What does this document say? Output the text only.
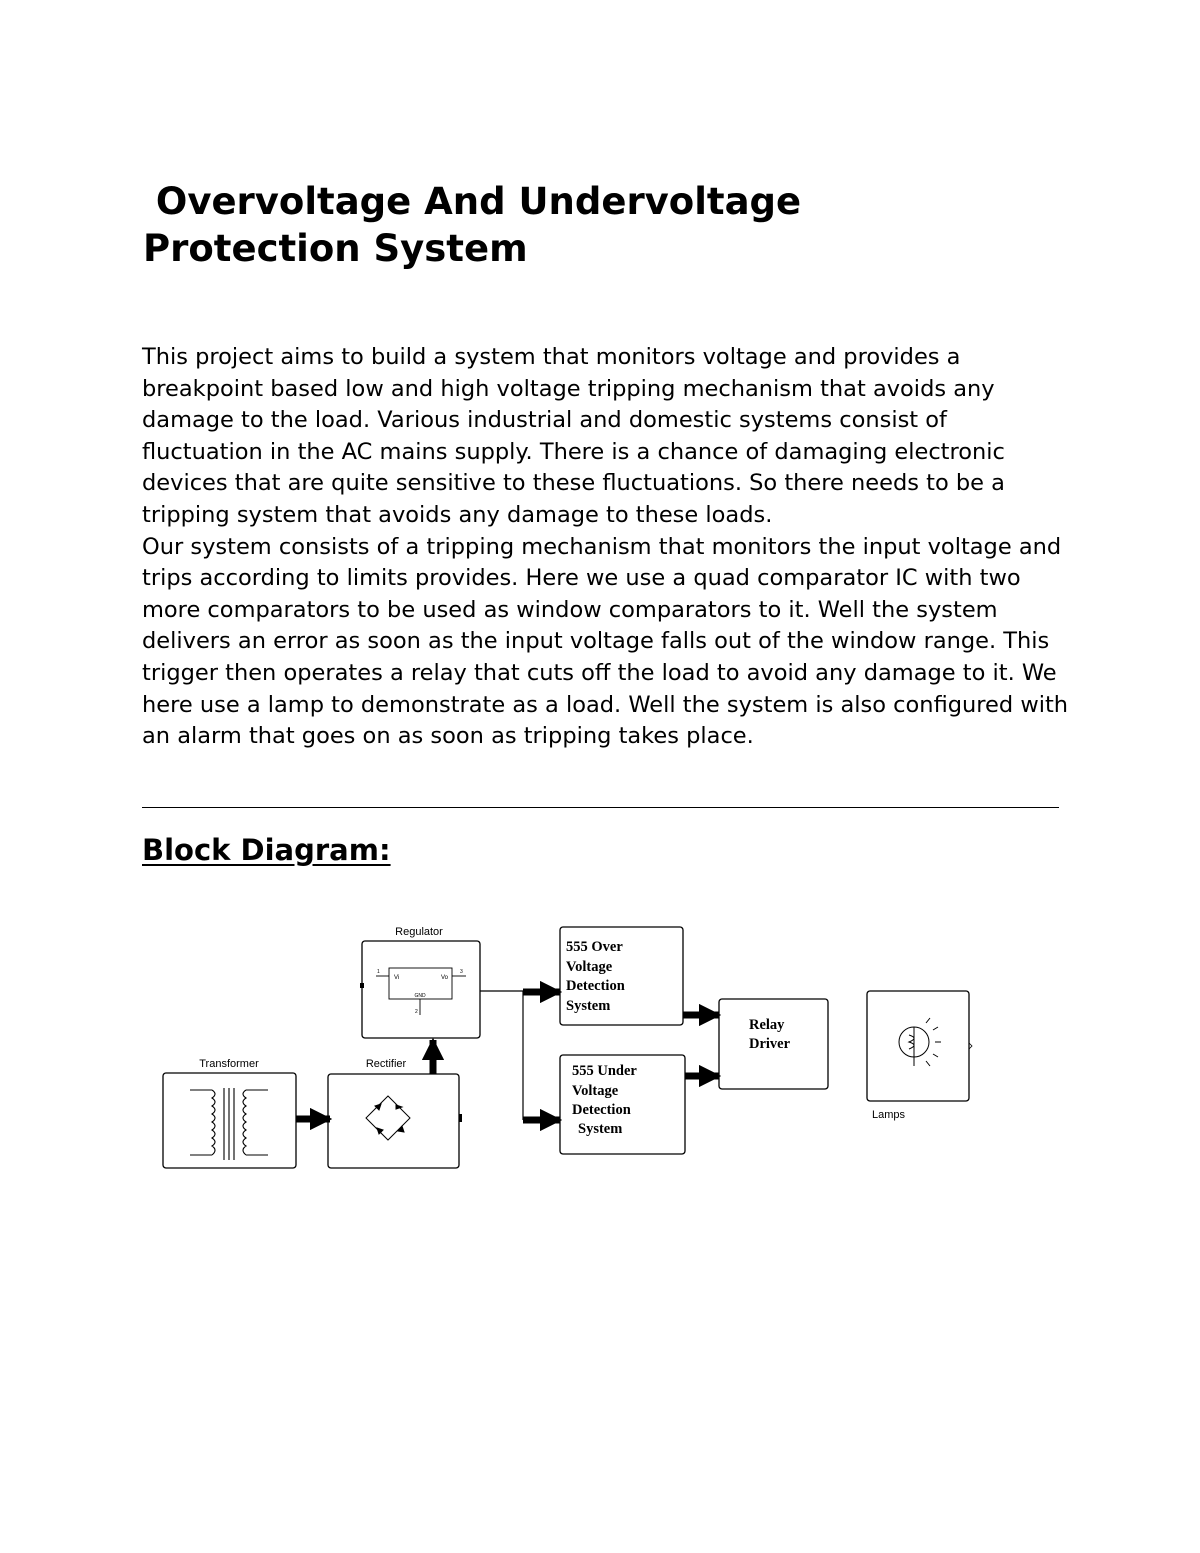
Overvoltage And Undervoltage
Protection System

This project aims to build a system that monitors voltage and provides a breakpoint based low and high voltage tripping mechanism that avoids any damage to the load. Various industrial and domestic systems consist of fluctuation in the AC mains supply. There is a chance of damaging electronic devices that are quite sensitive to these fluctuations. So there needs to be a tripping system that avoids any damage to these loads.

Our system consists of a tripping mechanism that monitors the input voltage and trips according to limits provides. Here we use a quad comparator IC with two more comparators to be used as window comparators to it. Well the system delivers an error as soon as the input voltage falls out of the window range. This trigger then operates a relay that cuts off the load to avoid any damage to it. We here use a lamp to demonstrate as a load. Well the system is also configured with an alarm that goes on as soon as tripping takes place.

Block Diagram:
Transformer	Rectifier
Regulator
Vi	Vo
GND
1
2
3
555 Over
Voltage
Detection
System
555 Under
Voltage
Detection
System
Relay
Driver
Lamps
